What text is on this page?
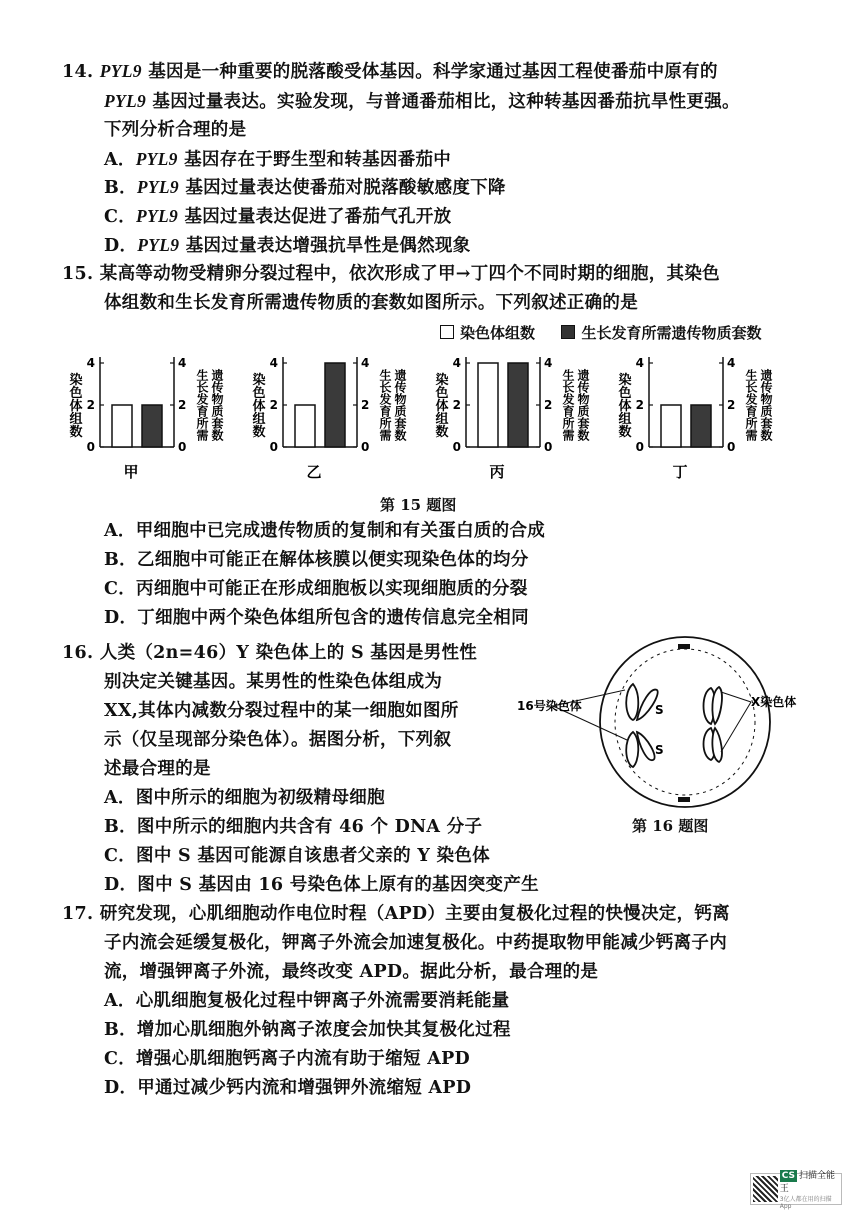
14. PYL9 基因是一种重要的脱落酸受体基因。科学家通过基因工程使番茄中原有的
PYL9 基因过量表达。实验发现，与普通番茄相比，这种转基因番茄抗旱性更强。
下列分析合理的是
A．PYL9 基因存在于野生型和转基因番茄中
B．PYL9 基因过量表达使番茄对脱落酸敏感度下降
C．PYL9 基因过量表达促进了番茄气孔开放
D．PYL9 基因过量表达增强抗旱性是偶然现象
15. 某高等动物受精卵分裂过程中，依次形成了甲→丁四个不同时期的细胞，其染色
体组数和生长发育所需遗传物质的套数如图所示。下列叙述正确的是
染色体组数	生长发育所需遗传物质套数
染色体组数	生长发育所需 遗传物质套数
0	0
2	2
4	4
甲
染色体组数	生长发育所需 遗传物质套数
0	0
2	2
4	4
乙
染色体组数	生长发育所需 遗传物质套数
0	0
2	2
4	4
丙
染色体组数	生长发育所需 遗传物质套数
0	0
2	2
4	4
丁
第 15 题图
A．甲细胞中已完成遗传物质的复制和有关蛋白质的合成
B．乙细胞中可能正在解体核膜以便实现染色体的均分
C．丙细胞中可能正在形成细胞板以实现细胞质的分裂
D．丁细胞中两个染色体组所包含的遗传信息完全相同
16. 人类（2n=46）Y 染色体上的 S 基因是男性性
别决定关键基因。某男性的性染色体组成为
XX,其体内减数分裂过程中的某一细胞如图所
示（仅呈现部分染色体）。据图分析，下列叙
述最合理的是
S
S
16号染色体	X染色体
第 16 题图
A．图中所示的细胞为初级精母细胞
B．图中所示的细胞内共含有 46 个 DNA 分子
C．图中 S 基因可能源自该患者父亲的 Y 染色体
D．图中 S 基因由 16 号染色体上原有的基因突变产生
17. 研究发现，心肌细胞动作电位时程（APD）主要由复极化过程的快慢决定，钙离
子内流会延缓复极化，钾离子外流会加速复极化。中药提取物甲能减少钙离子内
流，增强钾离子外流，最终改变 APD。据此分析，最合理的是
A．心肌细胞复极化过程中钾离子外流需要消耗能量
B．增加心肌细胞外钠离子浓度会加快其复极化过程
C．增强心肌细胞钙离子内流有助于缩短 APD
D．甲通过减少钙内流和增强钾外流缩短 APD
CS 扫描全能王
3亿人都在用的扫描App
